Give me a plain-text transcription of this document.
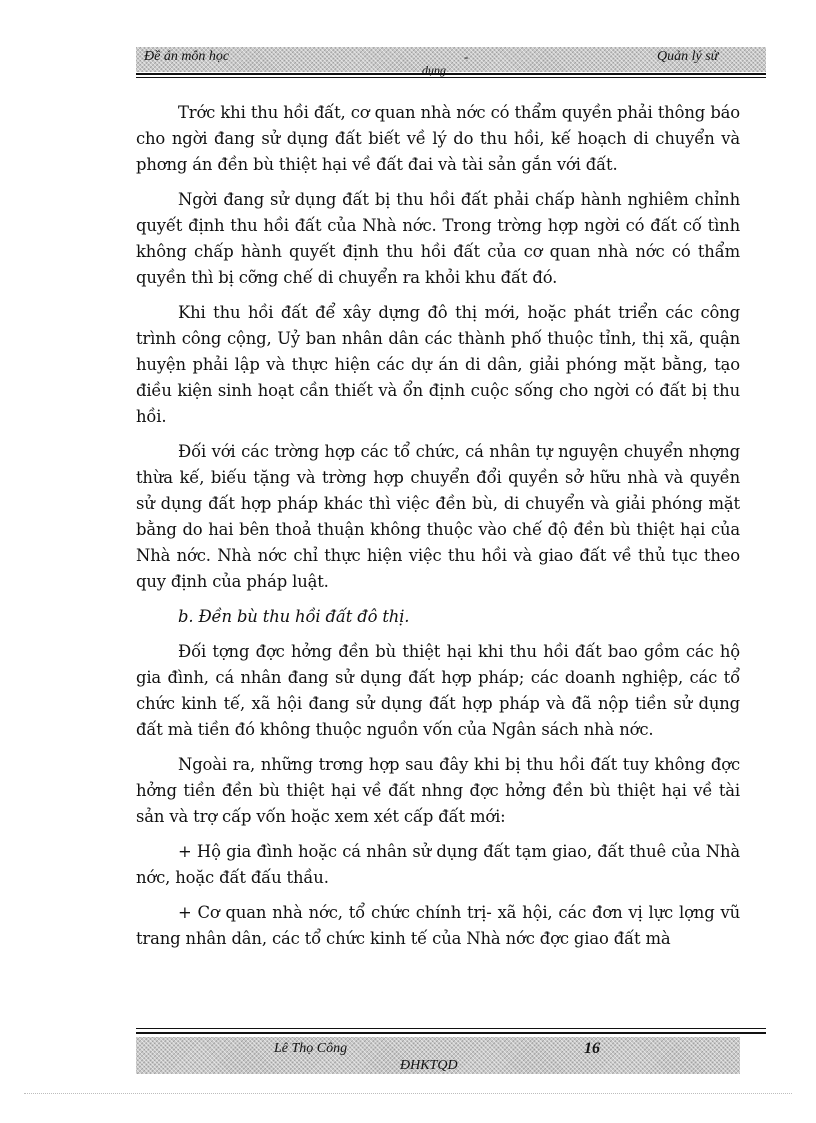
Đề án môn học	-	Quản lý sử
dụng

Trớc khi thu hồi đất, cơ quan nhà nớc có thẩm quyền phải thông báo cho ngời đang sử dụng đất biết về lý do thu hồi, kế hoạch di chuyển và phơng án đền bù thiệt hại về đất đai và tài sản gắn với đất.

Ngời đang sử dụng đất bị thu hồi đất phải chấp hành nghiêm chỉnh quyết định thu hồi đất của Nhà nớc. Trong trờng hợp ngời có đất cố tình không chấp hành quyết định thu hồi đất của cơ quan nhà nớc có thẩm quyền thì bị cỡng chế di chuyển ra khỏi khu đất đó.

Khi thu hồi đất để xây dựng đô thị mới, hoặc phát triển các công trình công cộng, Uỷ ban nhân dân các thành phố thuộc tỉnh, thị xã, quận huyện phải lập và thực hiện các dự án di dân, giải phóng mặt bằng, tạo điều kiện sinh hoạt cần thiết và ổn định cuộc sống cho ngời có đất bị thu hồi.

Đối với các trờng hợp các tổ chức, cá nhân tự nguyện chuyển nhợng thừa kế, biếu tặng và trờng hợp chuyển đổi quyền sở hữu nhà và quyền sử dụng đất hợp pháp khác thì việc đền bù, di chuyển và giải phóng mặt bằng do hai bên thoả thuận không thuộc vào chế độ đền bù thiệt hại của Nhà nớc. Nhà nớc chỉ thực hiện việc thu hồi và giao đất về thủ tục theo quy định của pháp luật.

b. Đền bù thu hồi đất đô thị.

Đối tợng đợc hởng đền bù thiệt hại khi thu hồi đất bao gồm các hộ gia đình, cá nhân đang sử dụng đất hợp pháp; các doanh nghiệp, các tổ chức kinh tế, xã hội đang sử dụng đất hợp pháp và đã nộp tiền sử dụng đất mà tiền đó không thuộc nguồn vốn của Ngân sách nhà nớc.

Ngoài ra, những trơng hợp sau đây khi bị thu hồi đất tuy không đợc hởng tiền đền bù thiệt hại về đất nhng đợc hởng đền bù thiệt hại về tài sản và trợ cấp vốn hoặc xem xét cấp đất mới:

+ Hộ gia đình hoặc cá nhân sử dụng đất tạm giao, đất thuê của Nhà nớc, hoặc đất đấu thầu.

+ Cơ quan nhà nớc, tổ chức chính trị- xã hội, các đơn vị lực lợng vũ trang nhân dân, các tổ chức kinh tế của Nhà nớc đợc giao đất mà

Lê Thọ Công	16
ĐHKTQD
